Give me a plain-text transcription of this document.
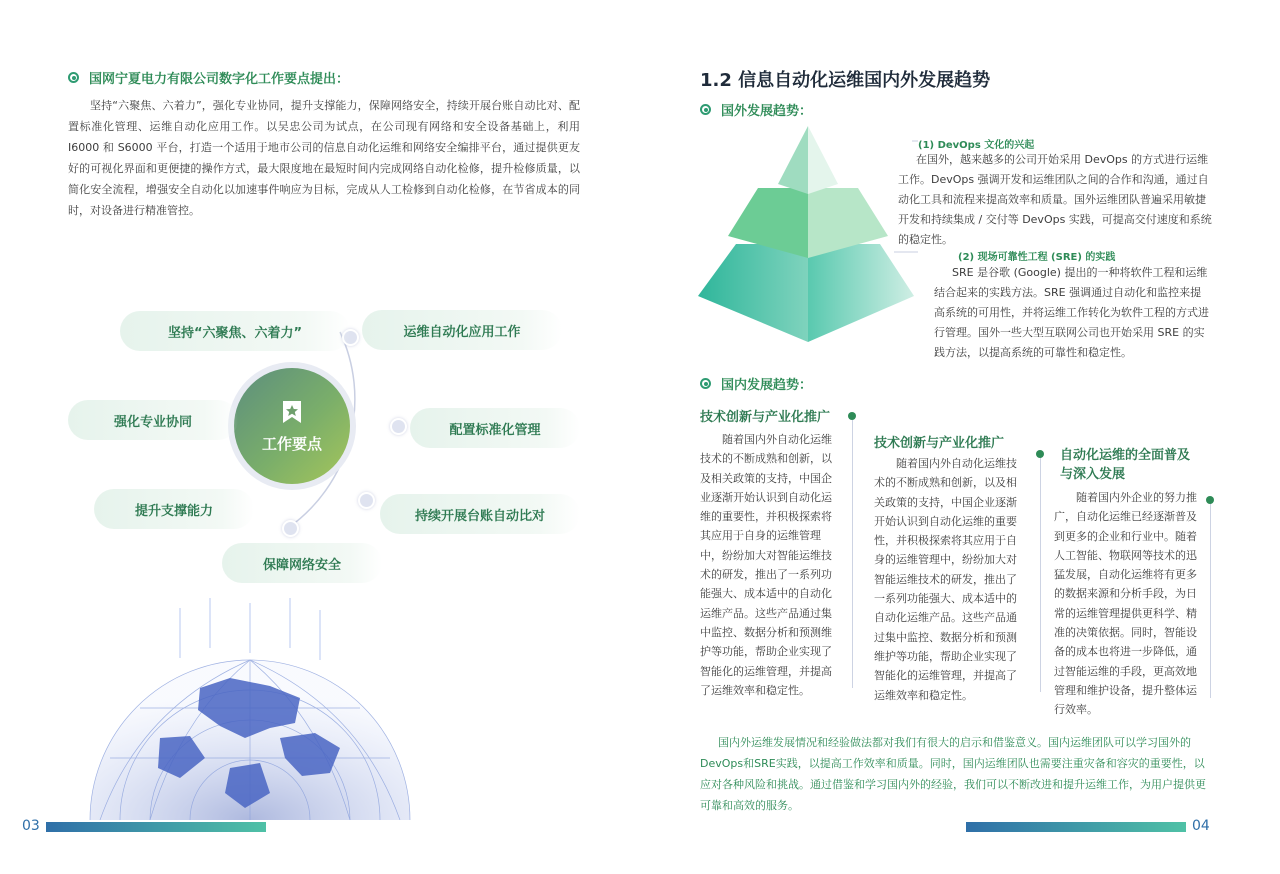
国网宁夏电力有限公司数字化工作要点提出：

坚持“六聚焦、六着力”，强化专业协同，提升支撑能力，保障网络安全，持续开展台账自动比对、配置标准化管理、运维自动化应用工作。以吴忠公司为试点，在公司现有网络和安全设备基础上，利用 I6000 和 S6000 平台，打造一个适用于地市公司的信息自动化运维和网络安全编排平台，通过提供更友好的可视化界面和更便捷的操作方式，最大限度地在最短时间内完成网络自动化检修，提升检修质量，以简化安全流程，增强安全自动化以加速事件响应为目标，完成从人工检修到自动化检修，在节省成本的同时，对设备进行精准管控。

工作要点
坚持“六聚焦、六着力”	运维自动化应用工作
强化专业协同
配置标准化管理
提升支撑能力	持续开展台账自动比对
保障网络安全
03
1.2 信息自动化运维国内外发展趋势
国外发展趋势：
(1) DevOps 文化的兴起

在国外，越来越多的公司开始采用 DevOps 的方式进行运维工作。DevOps 强调开发和运维团队之间的合作和沟通，通过自动化工具和流程来提高效率和质量。国外运维团队普遍采用敏捷开发和持续集成 / 交付等 DevOps 实践，可提高交付速度和系统的稳定性。

(2) 现场可靠性工程 (SRE) 的实践

SRE 是谷歌 (Google) 提出的一种将软件工程和运维结合起来的实践方法。SRE 强调通过自动化和监控来提高系统的可用性，并将运维工作转化为软件工程的方式进行管理。国外一些大型互联网公司也开始采用 SRE 的实践方法，以提高系统的可靠性和稳定性。

国内发展趋势：
技术创新与产业化推广

随着国内外自动化运维技术的不断成熟和创新，以及相关政策的支持，中国企业逐渐开始认识到自动化运维的重要性，并积极探索将其应用于自身的运维管理中，纷纷加大对智能运维技术的研发，推出了一系列功能强大、成本适中的自动化运维产品。这些产品通过集中监控、数据分析和预测维护等功能，帮助企业实现了智能化的运维管理，并提高了运维效率和稳定性。

技术创新与产业化推广

随着国内外自动化运维技术的不断成熟和创新，以及相关政策的支持，中国企业逐渐开始认识到自动化运维的重要性，并积极探索将其应用于自身的运维管理中，纷纷加大对智能运维技术的研发，推出了一系列功能强大、成本适中的自动化运维产品。这些产品通过集中监控、数据分析和预测维护等功能，帮助企业实现了智能化的运维管理，并提高了运维效率和稳定性。

自动化运维的全面普及与深入发展

随着国内外企业的努力推广，自动化运维已经逐渐普及到更多的企业和行业中。随着人工智能、物联网等技术的迅猛发展，自动化运维将有更多的数据来源和分析手段，为日常的运维管理提供更科学、精准的决策依据。同时，智能设备的成本也将进一步降低，通过智能运维的手段，更高效地管理和维护设备，提升整体运行效率。

国内外运维发展情况和经验做法都对我们有很大的启示和借鉴意义。国内运维团队可以学习国外的DevOps和SRE实践，以提高工作效率和质量。同时，国内运维团队也需要注重灾备和容灾的重要性，以应对各种风险和挑战。通过借鉴和学习国内外的经验，我们可以不断改进和提升运维工作，为用户提供更可靠和高效的服务。

04
